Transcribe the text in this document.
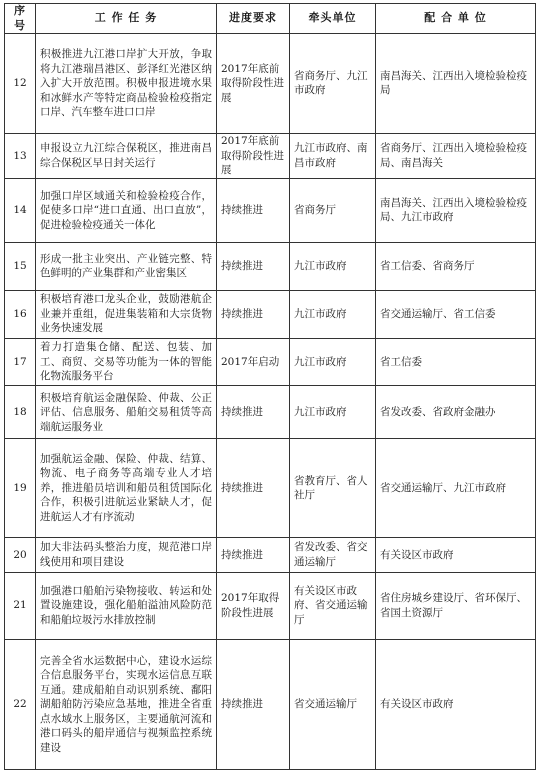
序号	工 作 任 务	进度要求	牵头单位	配 合 单 位
12	积极推进九江港口岸扩大开放，争取将九江港瑞昌港区、彭泽红光港区纳入扩大开放范围。积极申报进境水果和冰鲜水产等特定商品检验检疫指定口岸、汽车整车进口口岸	2017年底前取得阶段性进展	省商务厅、九江市政府	南昌海关、江西出入境检验检疫局
13	申报设立九江综合保税区，推进南昌综合保税区早日封关运行	2017年底前取得阶段性进展	九江市政府、南昌市政府	省商务厅、江西出入境检验检疫局、南昌海关
14	加强口岸区域通关和检验检疫合作，促使多口岸“进口直通、出口直放”，促进检验检疫通关一体化	持续推进	省商务厅	南昌海关、江西出入境检验检疫局、九江市政府
15	形成一批主业突出、产业链完整、特色鲜明的产业集群和产业密集区	持续推进	九江市政府	省工信委、省商务厅
16	积极培育港口龙头企业，鼓励港航企业兼并重组，促进集装箱和大宗货物业务快速发展	持续推进	九江市政府	省交通运输厅、省工信委
17	着力打造集仓储、配送、包装、加工、商贸、交易等功能为一体的智能化物流服务平台	2017年启动	九江市政府	省工信委
18	积极培育航运金融保险、仲裁、公正评估、信息服务、船舶交易租赁等高端航运服务业	持续推进	九江市政府	省发改委、省政府金融办
19	加强航运金融、保险、仲裁、结算、物流、电子商务等高端专业人才培养，推进船员培训和船员租赁国际化合作，积极引进航运业紧缺人才，促进航运人才有序流动	持续推进	省教育厅、省人社厅	省交通运输厅、九江市政府
20	加大非法码头整治力度，规范港口岸线使用和项目建设	持续推进	省发改委、省交通运输厅	有关设区市政府
21	加强港口船舶污染物接收、转运和处置设施建设，强化船舶溢油风险防范和船舶垃圾污水排放控制	2017年取得阶段性进展	有关设区市政府、省交通运输厅	省住房城乡建设厅、省环保厅、省国土资源厅
22	完善全省水运数据中心，建设水运综合信息服务平台，实现水运信息互联互通。建成船舶自动识别系统、鄱阳湖船舶防污染应急基地，推进全省重点水域水上服务区，主要通航河流和港口码头的船岸通信与视频监控系统建设	持续推进	省交通运输厅	有关设区市政府
